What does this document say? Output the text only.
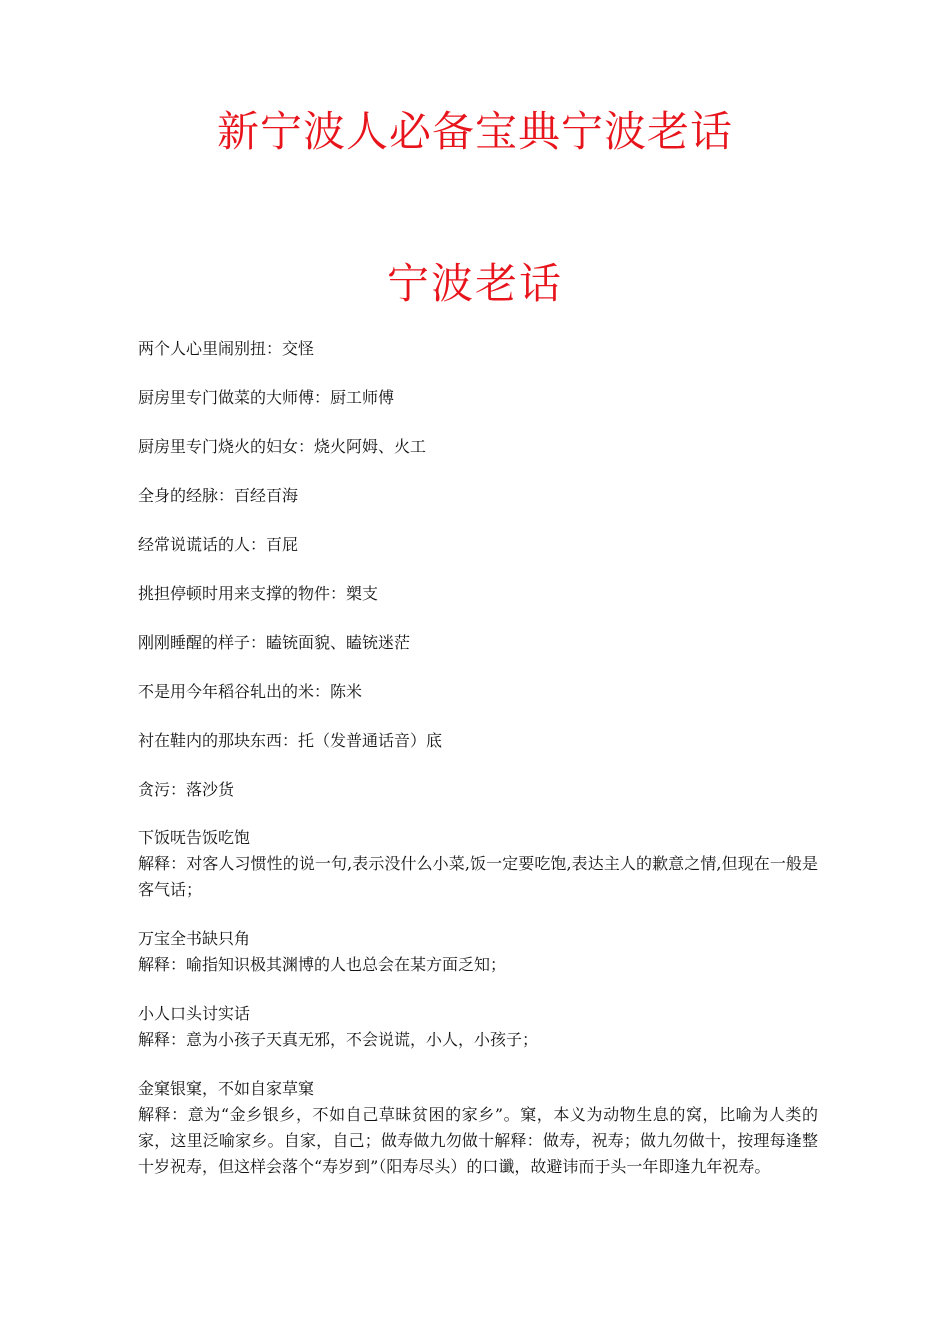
新宁波人必备宝典宁波老话
宁波老话
两个人心里闹别扭：交怪
厨房里专门做菜的大师傅：厨工师傅
厨房里专门烧火的妇女：烧火阿姆、火工
全身的经脉：百经百海
经常说谎话的人：百屁
挑担停顿时用来支撑的物件：槊支
刚刚睡醒的样子：瞌铳面貌、瞌铳迷茫
不是用今年稻谷轧出的米：陈米
衬在鞋内的那块东西：托（发普通话音）底
贪污：落沙货
下饭呒告饭吃饱
解释：对客人习惯性的说一句,表示没什么小菜,饭一定要吃饱,表达主人的歉意之情,但现在一般是客气话；
万宝全书缺只角
解释：喻指知识极其渊博的人也总会在某方面乏知；
小人口头讨实话
解释：意为小孩子天真无邪，不会说谎，小人，小孩子；
金窠银窠，不如自家草窠
解释：意为“金乡银乡，不如自己草昧贫困的家乡”。窠，本义为动物生息的窝，比喻为人类的家，这里泛喻家乡。自家，自己；做寿做九勿做十解释：做寿，祝寿；做九勿做十，按理每逢整十岁祝寿，但这样会落个“寿岁到”（阳寿尽头）的口谶，故避讳而于头一年即逢九年祝寿。
